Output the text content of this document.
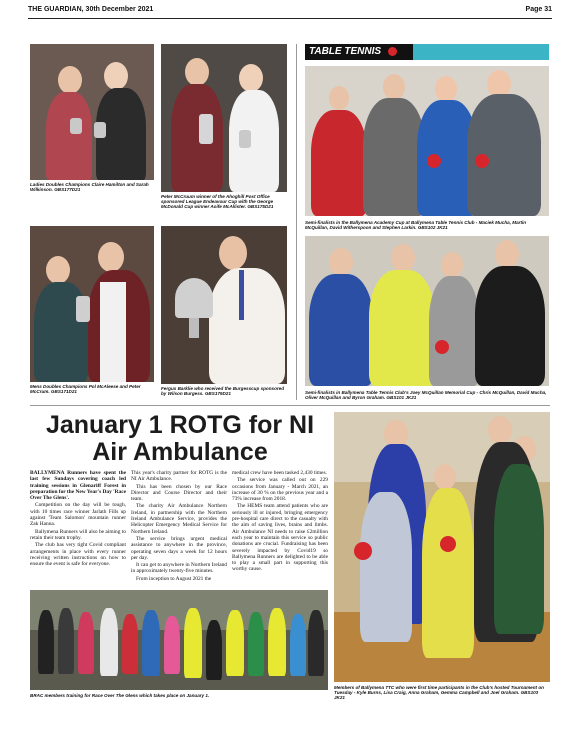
THE GUARDIAN, 30th December 2021	Page 31
Ladies Doubles Champions Claire Hamilton and Sarah Wilkinson. GBS177D21
Peter McCruum winner of the Ahoghill Post Office sponsored League Endeavour Cup with the George McDonald Cup winner Aoife McAllister. GBS175D21
Mens Doubles Champions Pol McAleese and Peter McCrum. GBS171D21
Fergus Barklie who received the Burgesscup sponsored by Wilson Burgess. GBS179D21
TABLE TENNIS
Semi-finalists in the Ballymena Academy Cup at Ballymena Table Tennis Club - Maciek Mucha, Martin McQuillan, David Witherspoon and Stephen Larkin. GBS102 JK21
Semi-finalists in Ballymena Table Tennis Club's Joey McQuillan Memorial Cup - Chris McQuillan, David Mucha, Oliver McQuillan and Byron Graham. GBS101 JK21
January 1 ROTG for NI Air Ambulance

BALLYMENA Runners have spent the last few Sundays covering coach led training sessions in Glenariff Forest in preparation for the New Year's Day 'Race Over The Glens'.

Competition on the day will be tough, with 10 times race winner Jarlath Fills up against 'Team Salomon' mountain runner Zak Hanna.

Ballymena Runners will also be aiming to retain their team trophy.

The club has very tight Covid compliant arrangements in place with every runner receiving written instructions on how to ensure the event is safe for everyone.

This year's charity partner for ROTG is the NI Air Ambulance.

This has been chosen by our Race Director and Course Director and their team.

The charity Air Ambulance Northern Ireland, in partnership with the Northern Ireland Ambulance Service, provides the Helicopter Emergency Medical Service for Northern Ireland.

The service brings urgent medical assistance to anywhere in the province, operating seven days a week for 12 hours per day.

It can get to anywhere in Northern Ireland in approximately twenty-five minutes.

From inception to August 2021 the

medical crew have been tasked 2,430 times.

The service was called out on 229 occasions from January - March 2021, an increase of 30 % on the previous year and a 73% increase from 2018.

The HEMS team attend patients who are seriously ill or injured, bringing emergency pre-hospital care direct to the casualty with the aim of saving lives, brains and limbs. Air Ambulance NI needs to raise £2million each year to maintain this service so public donations are crucial. Fundraising has been severely impacted by Covid19 so Ballymena Runners are delighted to be able to play a small part in supporting this worthy cause.

BRAC members training for Race Over The Glens which takes place on January 1.
Members of Ballymena TTC who were first time participants in the Club's hosted Tournament on Tuesday - Kyle Burns, Lisa Craig, Anna Graham, Gemma Campbell and Joel Graham. GBS103 JK21
